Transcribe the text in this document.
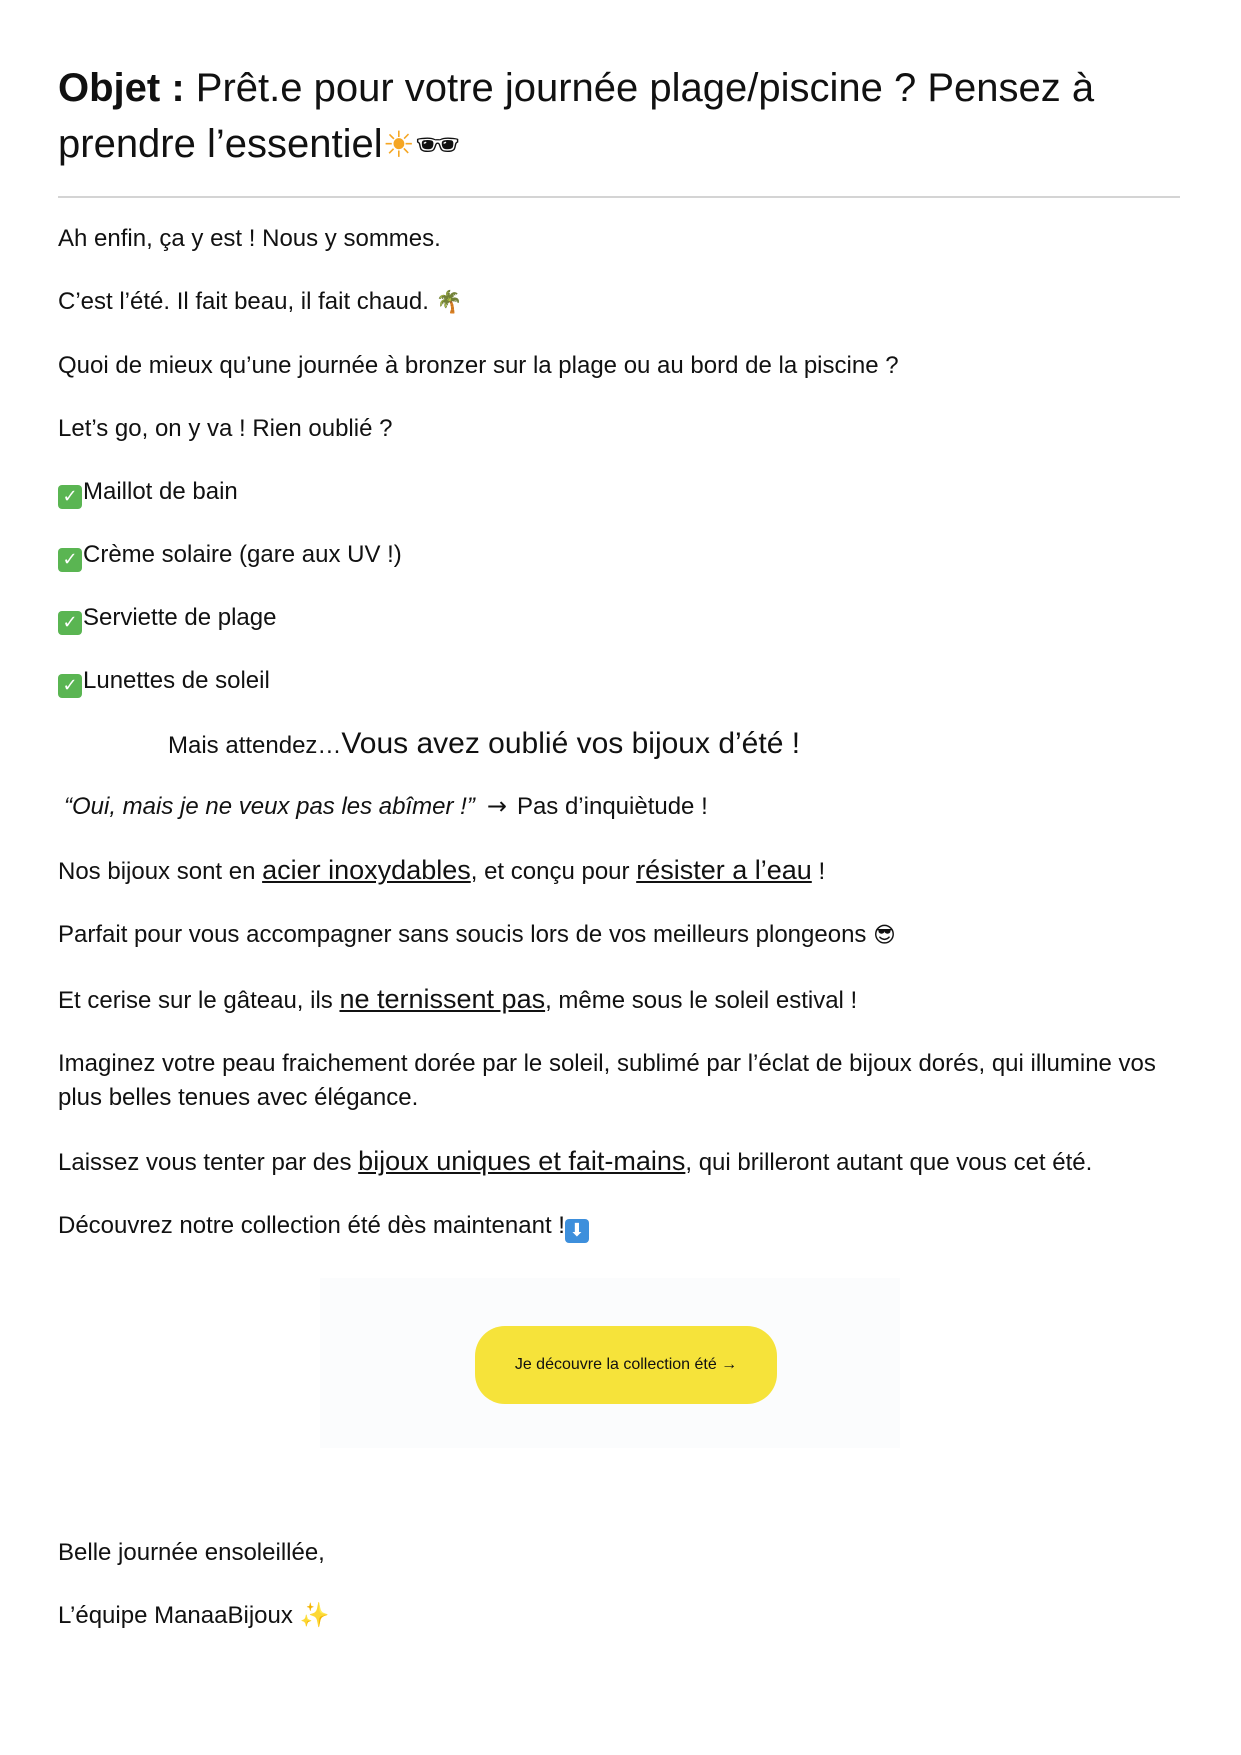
Objet : Prêt.e pour votre journée plage/piscine ? Pensez à prendre l’essentiel☀🕶

Ah enfin, ça y est ! Nous y sommes.

C’est l’été. Il fait beau, il fait chaud. 🌴

Quoi de mieux qu’une journée à bronzer sur la plage ou au bord de la piscine ?

Let’s go, on y va ! Rien oublié ?

✓ Maillot de bain

✓ Crème solaire (gare aux UV !)

✓ Serviette de plage

✓ Lunettes de soleil

Mais attendez…Vous avez oublié vos bijoux d’été !

“Oui, mais je ne veux pas les abîmer !” → Pas d’inquiètude !

Nos bijoux sont en acier inoxydables, et conçu pour résister a l’eau !

Parfait pour vous accompagner sans soucis lors de vos meilleurs plongeons 😎

Et cerise sur le gâteau, ils ne ternissent pas, même sous le soleil estival !

Imaginez votre peau fraichement dorée par le soleil, sublimé par l’éclat de bijoux dorés, qui illumine vos plus belles tenues avec élégance.

Laissez vous tenter par des bijoux uniques et fait-mains, qui brilleront autant que vous cet été.

Découvrez notre collection été dès maintenant ! ⬇

Je découvre la collection été →

Belle journée ensoleillée,

L’équipe ManaaBijoux ✨
